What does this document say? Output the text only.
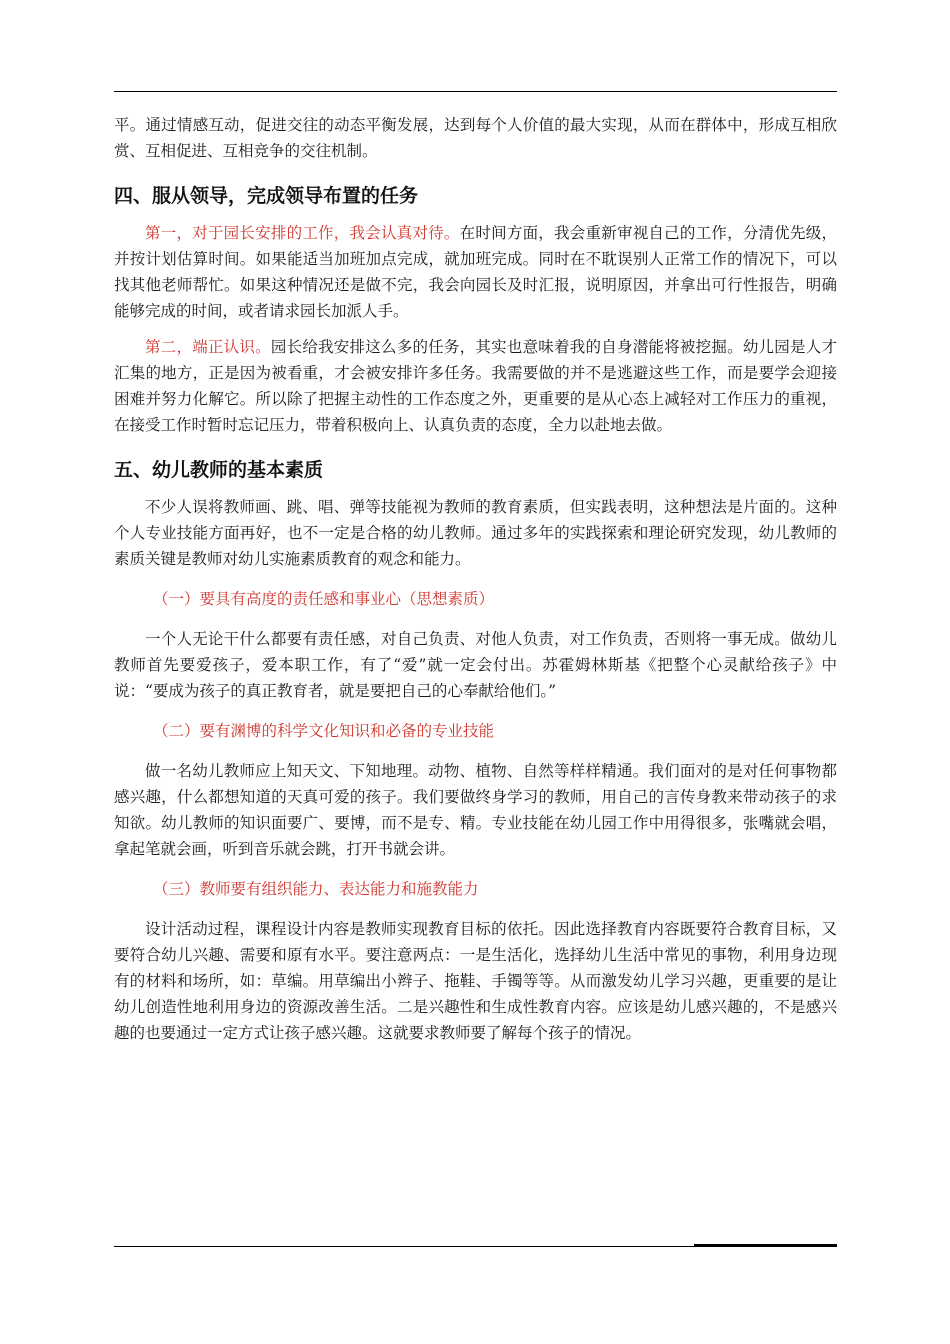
平。通过情感互动，促进交往的动态平衡发展，达到每个人价值的最大实现，从而在群体中，形成互相欣赏、互相促进、互相竞争的交往机制。

四、服从领导，完成领导布置的任务

第一，对于园长安排的工作，我会认真对待。在时间方面，我会重新审视自己的工作，分清优先级，并按计划估算时间。如果能适当加班加点完成，就加班完成。同时在不耽误别人正常工作的情况下，可以找其他老师帮忙。如果这种情况还是做不完，我会向园长及时汇报，说明原因，并拿出可行性报告，明确能够完成的时间，或者请求园长加派人手。

第二，端正认识。园长给我安排这么多的任务，其实也意味着我的自身潜能将被挖掘。幼儿园是人才汇集的地方，正是因为被看重，才会被安排许多任务。我需要做的并不是逃避这些工作，而是要学会迎接困难并努力化解它。所以除了把握主动性的工作态度之外，更重要的是从心态上减轻对工作压力的重视，在接受工作时暂时忘记压力，带着积极向上、认真负责的态度，全力以赴地去做。

五、幼儿教师的基本素质

不少人误将教师画、跳、唱、弹等技能视为教师的教育素质，但实践表明，这种想法是片面的。这种个人专业技能方面再好，也不一定是合格的幼儿教师。通过多年的实践探索和理论研究发现，幼儿教师的素质关键是教师对幼儿实施素质教育的观念和能力。

（一）要具有高度的责任感和事业心（思想素质）

一个人无论干什么都要有责任感，对自己负责、对他人负责，对工作负责，否则将一事无成。做幼儿教师首先要爱孩子，爱本职工作，有了“爱”就一定会付出。苏霍姆林斯基《把整个心灵献给孩子》中说：“要成为孩子的真正教育者，就是要把自己的心奉献给他们。”

（二）要有渊博的科学文化知识和必备的专业技能

做一名幼儿教师应上知天文、下知地理。动物、植物、自然等样样精通。我们面对的是对任何事物都感兴趣，什么都想知道的天真可爱的孩子。我们要做终身学习的教师，用自己的言传身教来带动孩子的求知欲。幼儿教师的知识面要广、要博，而不是专、精。专业技能在幼儿园工作中用得很多，张嘴就会唱，拿起笔就会画，听到音乐就会跳，打开书就会讲。

（三）教师要有组织能力、表达能力和施教能力

设计活动过程，课程设计内容是教师实现教育目标的依托。因此选择教育内容既要符合教育目标，又要符合幼儿兴趣、需要和原有水平。要注意两点：一是生活化，选择幼儿生活中常见的事物，利用身边现有的材料和场所，如：草编。用草编出小辫子、拖鞋、手镯等等。从而激发幼儿学习兴趣，更重要的是让幼儿创造性地利用身边的资源改善生活。二是兴趣性和生成性教育内容。应该是幼儿感兴趣的，不是感兴趣的也要通过一定方式让孩子感兴趣。这就要求教师要了解每个孩子的情况。
